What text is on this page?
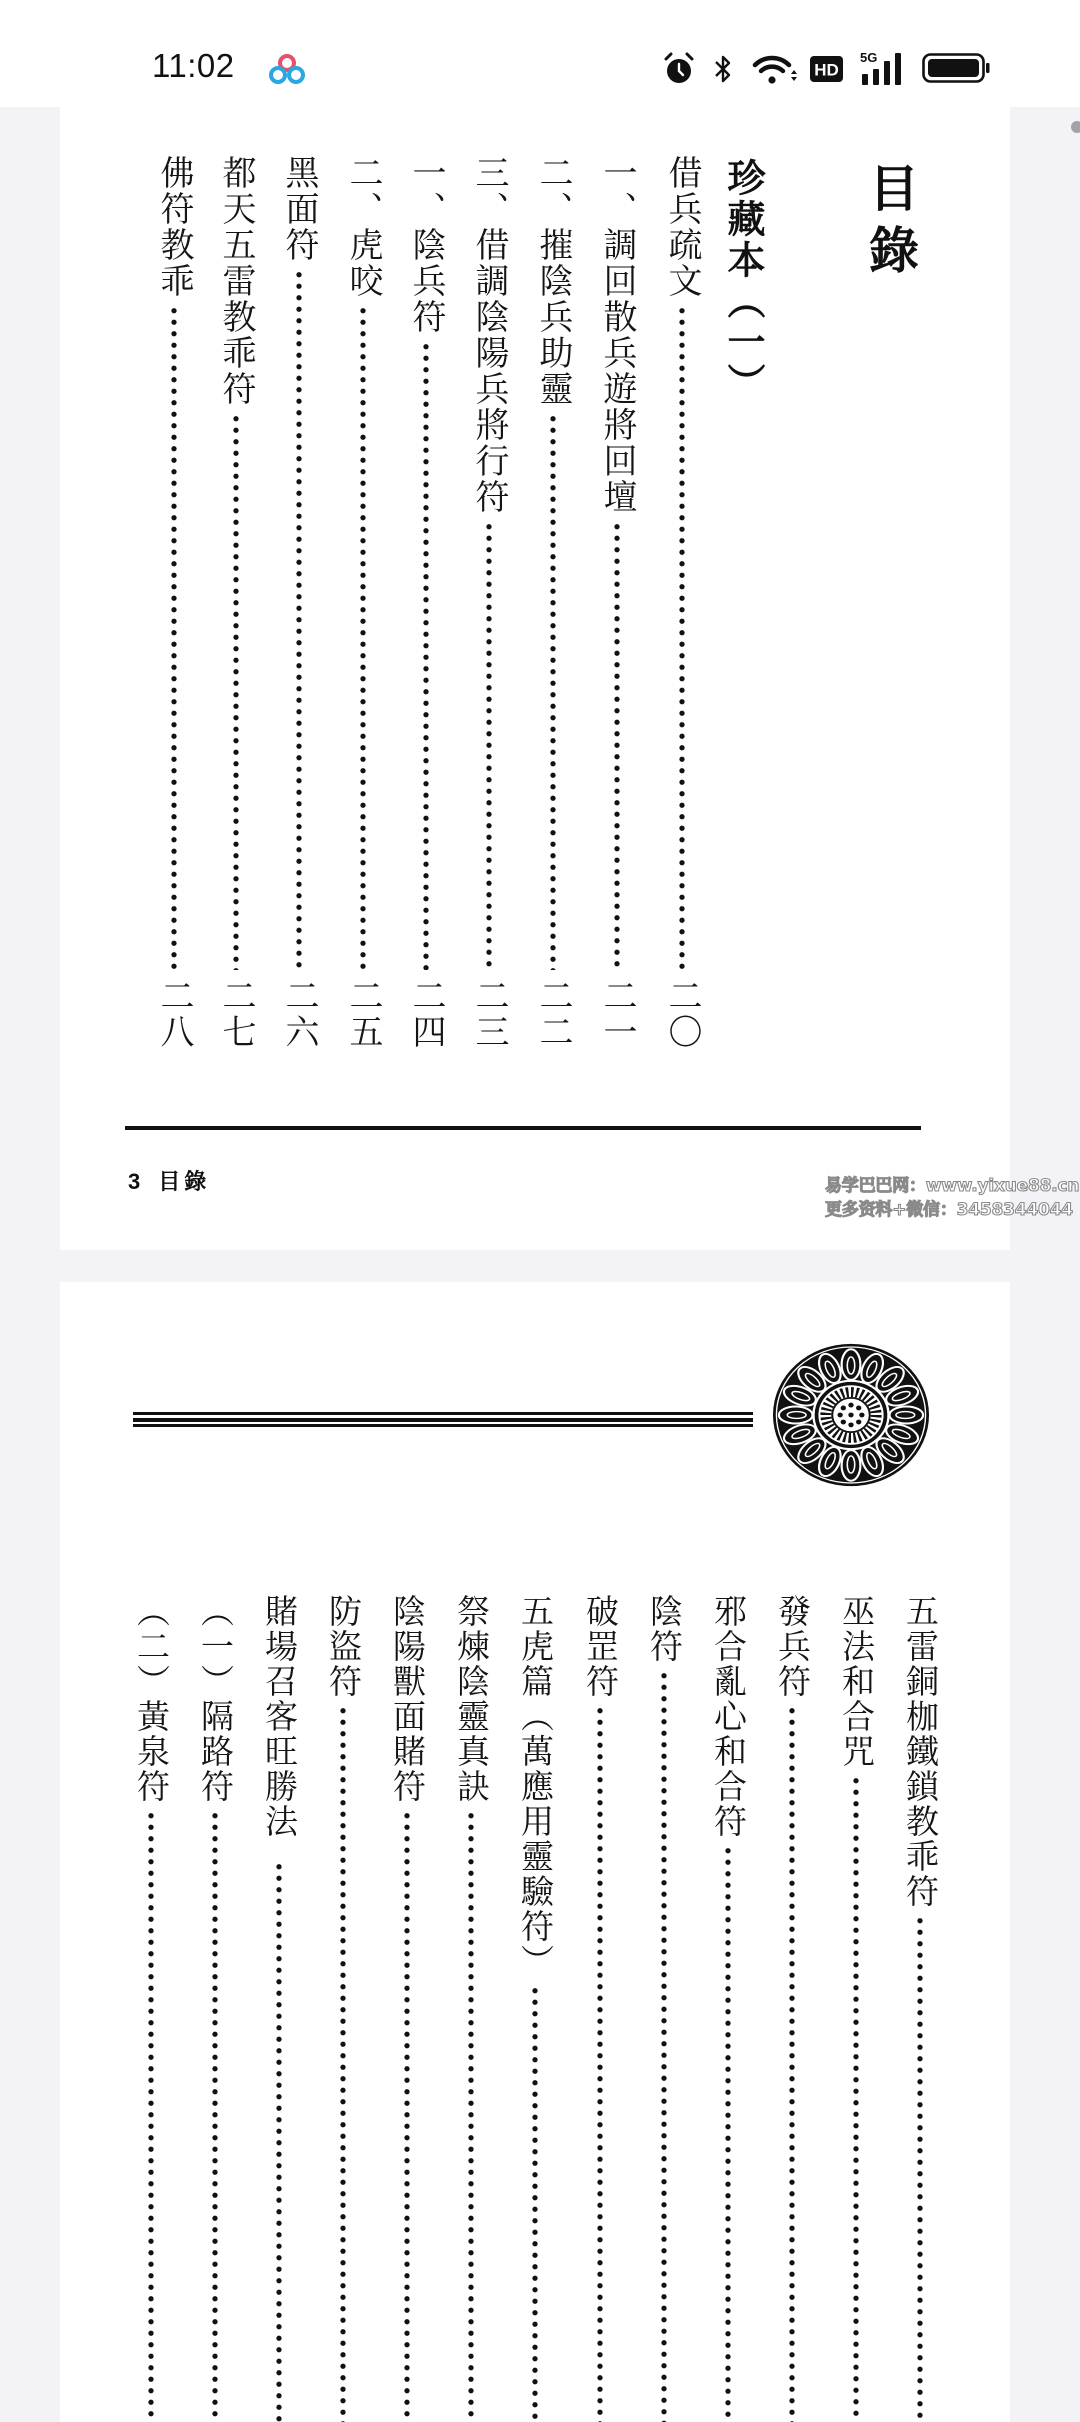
11:02	HD
5G
目錄
珍藏本（一）
借兵疏文
二〇
一、調回散兵遊將回壇
二一
二、摧陰兵助靈
二二
三、借調陰陽兵將行符
二三
一、陰兵符
二四
二、虎咬
二五
黑面符
二六
都天五雷教乖符
二七
佛符教乖
二八
3 目錄
五雷銅枷鐵鎖教乖符
巫法和合咒
發兵符
邪合亂心和合符
陰符
破罡符
五虎篇（萬應用靈驗符）
祭煉陰靈真訣
陰陽獸面賭符
防盜符
賭場召客旺勝法
（一）隔路符
（二）黃泉符
易学巴巴网：www.yixue88.cn
更多资料+微信：3458344044
